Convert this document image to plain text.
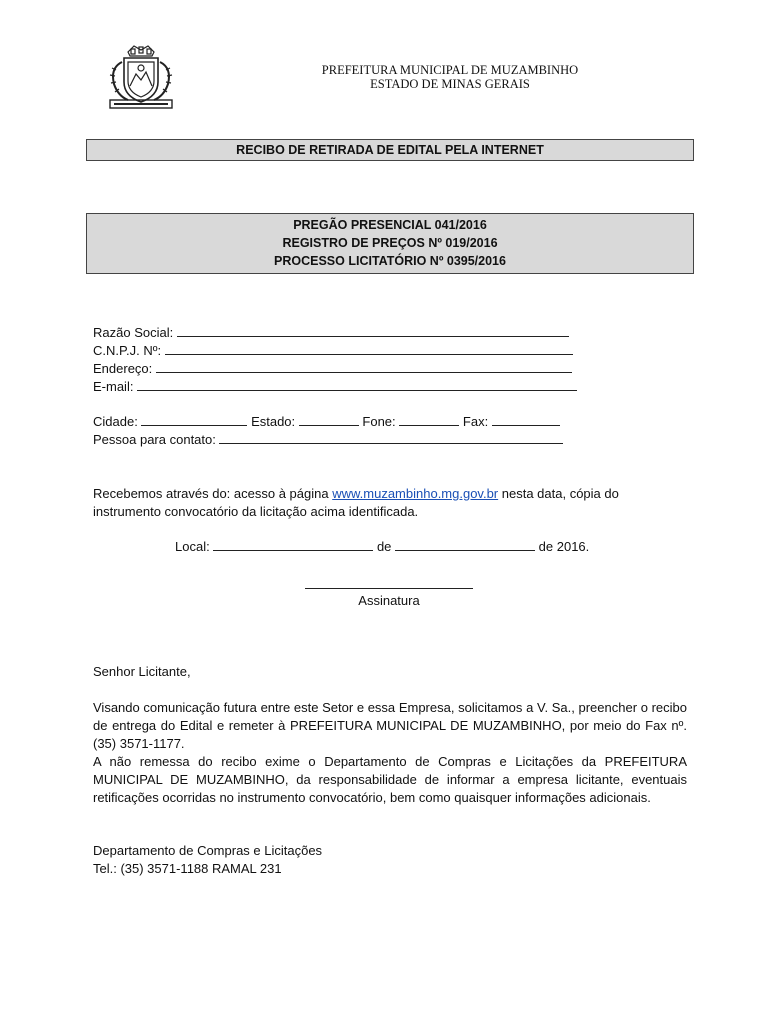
PREFEITURA MUNICIPAL DE MUZAMBINHO
ESTADO DE MINAS GERAIS
RECIBO DE RETIRADA DE EDITAL PELA INTERNET
PREGÃO PRESENCIAL 041/2016
REGISTRO DE PREÇOS Nº 019/2016
PROCESSO LICITATÓRIO Nº 0395/2016
Razão Social:
C.N.P.J. Nº:
Endereço:
E-mail:
Cidade:	Estado:	Fone:	Fax:
Pessoa para contato:
Recebemos através do: acesso à página www.muzambinho.mg.gov.br nesta data, cópia do
instrumento convocatório da licitação acima identificada.
Local:	de	de 2016.
Assinatura
Senhor Licitante,
Visando comunicação futura entre este Setor e essa Empresa, solicitamos a V. Sa., preencher o recibo de entrega do Edital e remeter à PREFEITURA MUNICIPAL DE MUZAMBINHO, por meio do Fax nº. (35) 3571-1177.
A não remessa do recibo exime o Departamento de Compras e Licitações da PREFEITURA MUNICIPAL DE MUZAMBINHO, da responsabilidade de informar a empresa licitante, eventuais retificações ocorridas no instrumento convocatório, bem como quaisquer informações adicionais.
Departamento de Compras e Licitações
Tel.: (35) 3571-1188 RAMAL 231
